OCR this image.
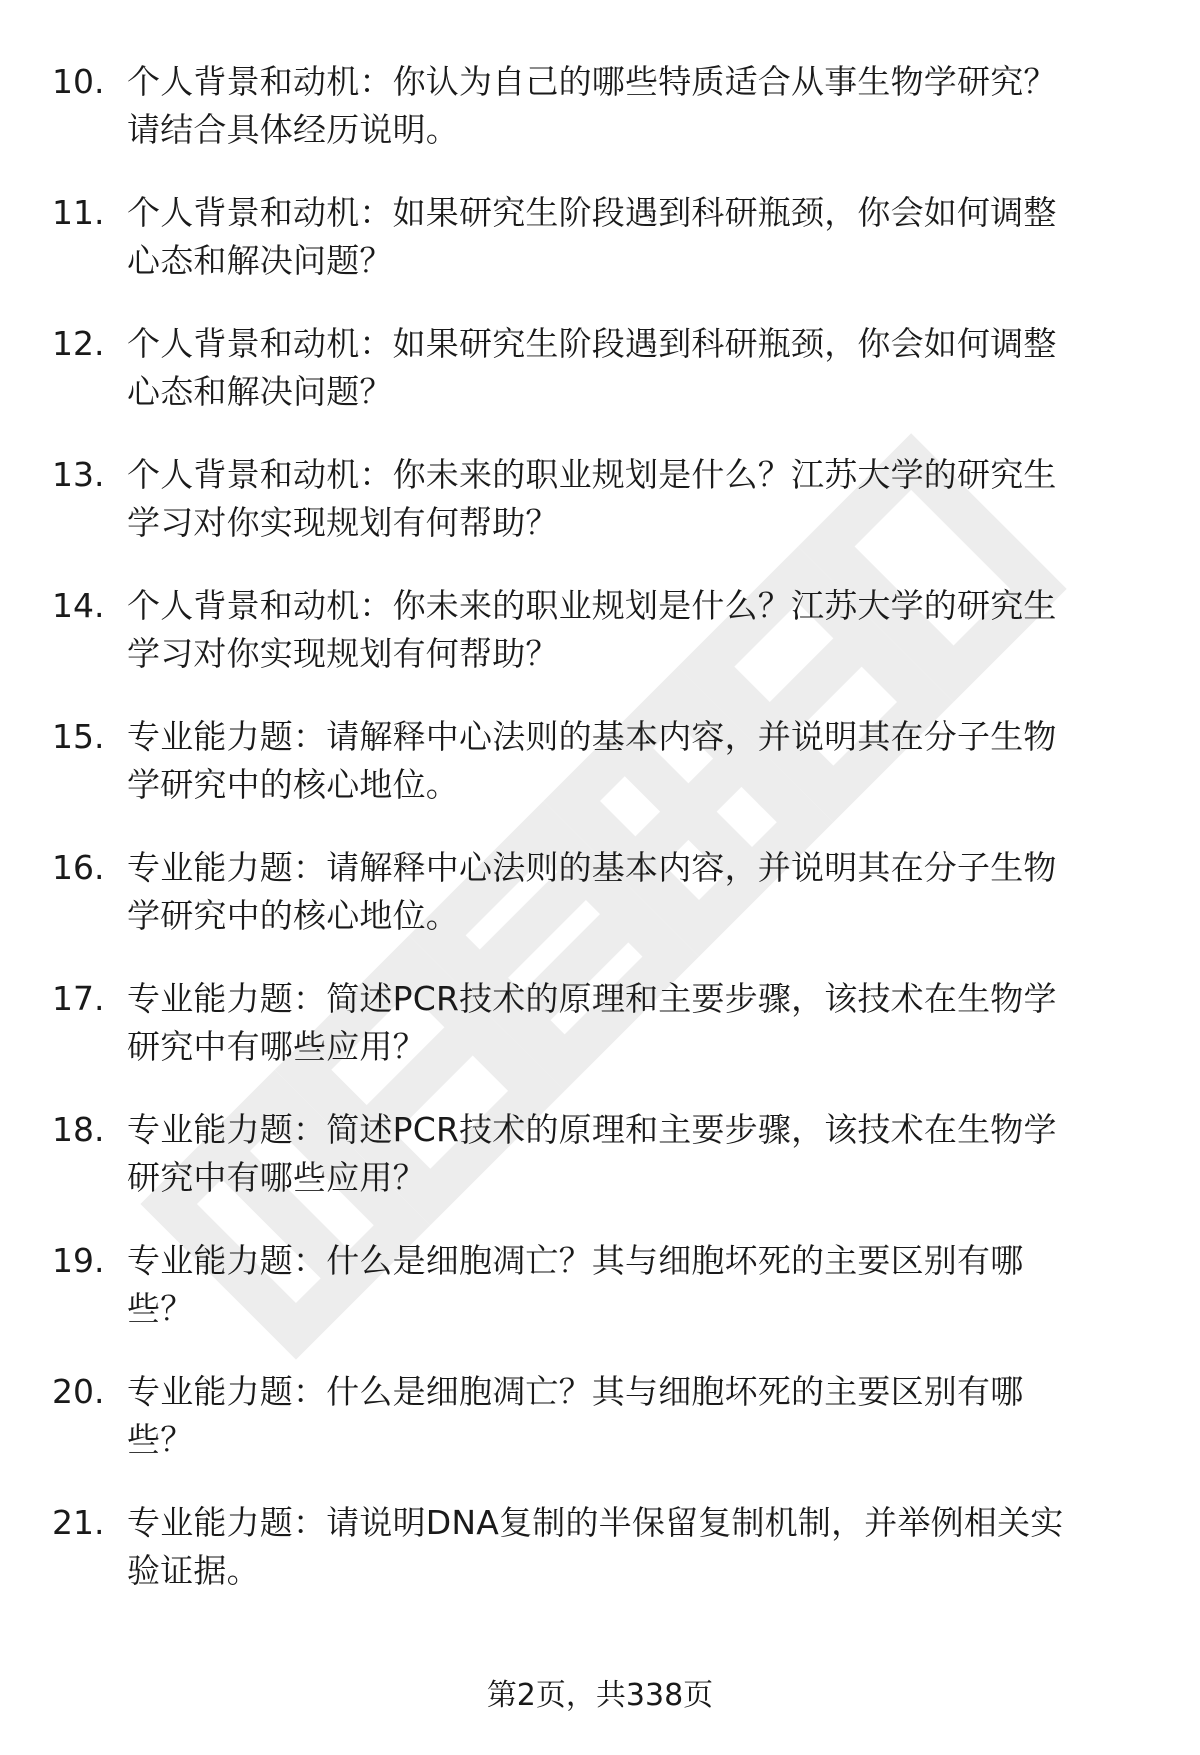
10. 个人背景和动机：你认为自己的哪些特质适合从事生物学研究？
请结合具体经历说明。
11. 个人背景和动机：如果研究生阶段遇到科研瓶颈，你会如何调整
心态和解决问题？
12. 个人背景和动机：如果研究生阶段遇到科研瓶颈，你会如何调整
心态和解决问题？
13. 个人背景和动机：你未来的职业规划是什么？江苏大学的研究生
学习对你实现规划有何帮助？
14. 个人背景和动机：你未来的职业规划是什么？江苏大学的研究生
学习对你实现规划有何帮助？
15. 专业能力题：请解释中心法则的基本内容，并说明其在分子生物
学研究中的核心地位。
16. 专业能力题：请解释中心法则的基本内容，并说明其在分子生物
学研究中的核心地位。
17. 专业能力题：简述PCR技术的原理和主要步骤，该技术在生物学
研究中有哪些应用？
18. 专业能力题：简述PCR技术的原理和主要步骤，该技术在生物学
研究中有哪些应用？
19. 专业能力题：什么是细胞凋亡？其与细胞坏死的主要区别有哪
些？
20. 专业能力题：什么是细胞凋亡？其与细胞坏死的主要区别有哪
些？
21. 专业能力题：请说明DNA复制的半保留复制机制，并举例相关实
验证据。
第2页，共338页
